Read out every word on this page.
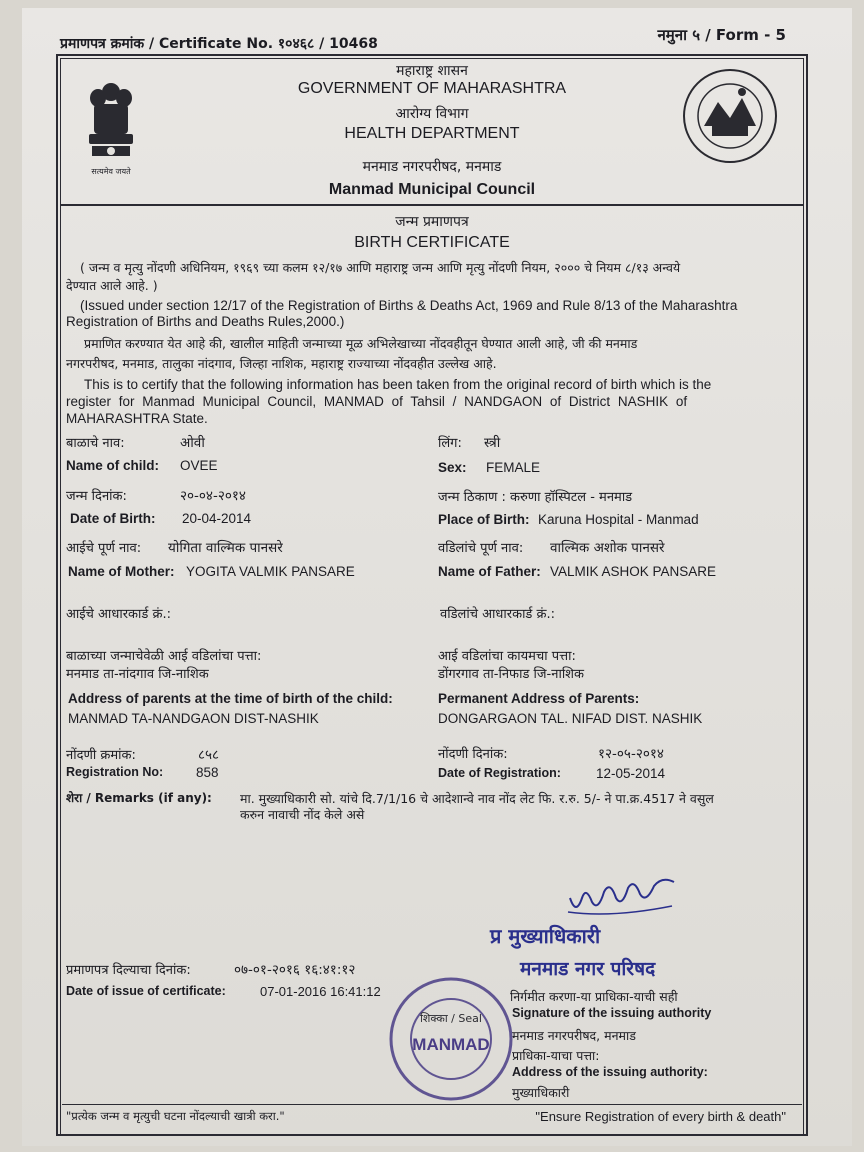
प्रमाणपत्र क्रमांक / Certificate No. १०४६८ / 10468	नमुना ५ / Form - 5
सत्यमेव जयते
महाराष्ट्र शासन
GOVERNMENT OF MAHARASHTRA
आरोग्य विभाग
HEALTH DEPARTMENT
मनमाड नगरपरीषद, मनमाड
Manmad Municipal Council
जन्म प्रमाणपत्र
BIRTH CERTIFICATE
( जन्म व मृत्यु नोंदणी अधिनियम, १९६९ च्या कलम १२/१७ आणि महाराष्ट्र जन्म आणि मृत्यु नोंदणी नियम, २००० चे नियम ८/१३ अन्वये
देण्यात आले आहे. )
(Issued under section 12/17 of the Registration of Births & Deaths Act, 1969 and Rule 8/13 of the Maharashtra
Registration of Births and Deaths Rules,2000.)
प्रमाणित करण्यात येत आहे की, खालील माहिती जन्माच्या मूळ अभिलेखाच्या नोंदवहीतून घेण्यात आली आहे, जी की मनमाड
नगरपरीषद, मनमाड, तालुका नांदगाव, जिल्हा नाशिक, महाराष्ट्र राज्याच्या नोंदवहीत उल्लेख आहे.
This is to certify that the following information has been taken from the original record of birth which is the
register for Manmad Municipal Council, MANMAD of Tahsil / NANDGAON of District NASHIK of
MAHARASHTRA State.
बाळाचे नाव:	ओवी	लिंग: स्त्री
Name of child: OVEE	Sex: FEMALE
जन्म दिनांक:	२०-०४-२०१४	जन्म ठिकाण : करुणा हॉस्पिटल - मनमाड
Date of Birth: 20-04-2014	Place of Birth: Karuna Hospital - Manmad
आईचे पूर्ण नाव: योगिता वाल्मिक पानसरे	वडिलांचे पूर्ण नाव: वाल्मिक अशोक पानसरे
Name of Mother: YOGITA VALMIK PANSARE	Name of Father: VALMIK ASHOK PANSARE
आईचे आधारकार्ड क्रं.:	वडिलांचे आधारकार्ड क्रं.:
बाळाच्या जन्माचेवेळी आई वडिलांचा पत्ता:
मनमाड ता-नांदगाव जि-नाशिक
आई वडिलांचा कायमचा पत्ता:
डोंगरगाव ता-निफाड जि-नाशिक
Address of parents at the time of birth of the child:
MANMAD TA-NANDGAON DIST-NASHIK
Permanent Address of Parents:
DONGARGAON TAL. NIFAD DIST. NASHIK
नोंदणी क्रमांक:	८५८	नोंदणी दिनांक:	१२-०५-२०१४
Registration No: 858	Date of Registration:	12-05-2014
शेरा / Remarks (if any): मा. मुख्याधिकारी सो. यांचे दि.7/1/16 चे आदेशान्वे नाव नोंद लेट फि. र.रु. 5/- ने पा.क्र.4517 ने वसुल
करुन नावाची नोंद केले असे
प्र मुख्याधिकारी
मनमाड नगर परिषद
प्रमाणपत्र दिल्याचा दिनांक:	०७-०१-२०१६ १६:४१:१२
Date of issue of certificate:	07-01-2016 16:41:12	निर्गमीत करणा-या प्राधिका-याची सही
Signature of the issuing authority
मनमाड नगरपरीषद, मनमाड
प्राधिका-याचा पत्ता:
Address of the issuing authority:
मुख्याधिकारी
शिक्का / Seal
MANMAD
"प्रत्येक जन्म व मृत्युची घटना नोंदल्याची खात्री करा."	"Ensure Registration of every birth & death"
